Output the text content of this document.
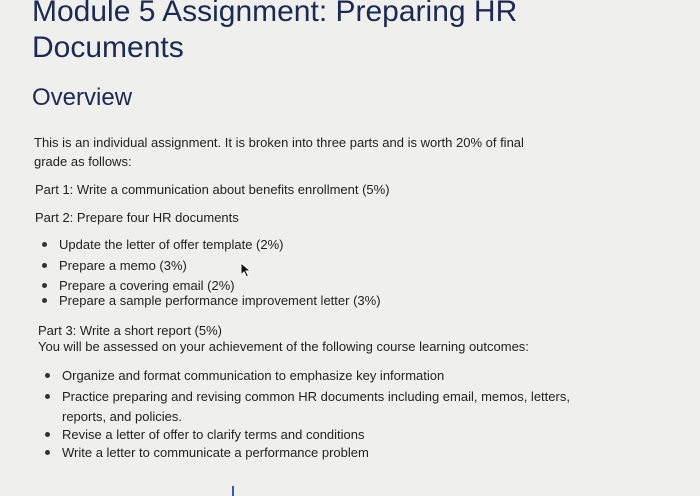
Module 5 Assignment: Preparing HR Documents
Overview
This is an individual assignment. It is broken into three parts and is worth 20% of final
grade as follows:
Part 1: Write a communication about benefits enrollment (5%)
Part 2: Prepare four HR documents
Update the letter of offer template (2%)
Prepare a memo (3%)
Prepare a covering email (2%)
Prepare a sample performance improvement letter (3%)
Part 3: Write a short report (5%)
You will be assessed on your achievement of the following course learning outcomes:
Organize and format communication to emphasize key information
Practice preparing and revising common HR documents including email, memos, letters,
reports, and policies.
Revise a letter of offer to clarify terms and conditions
Write a letter to communicate a performance problem
